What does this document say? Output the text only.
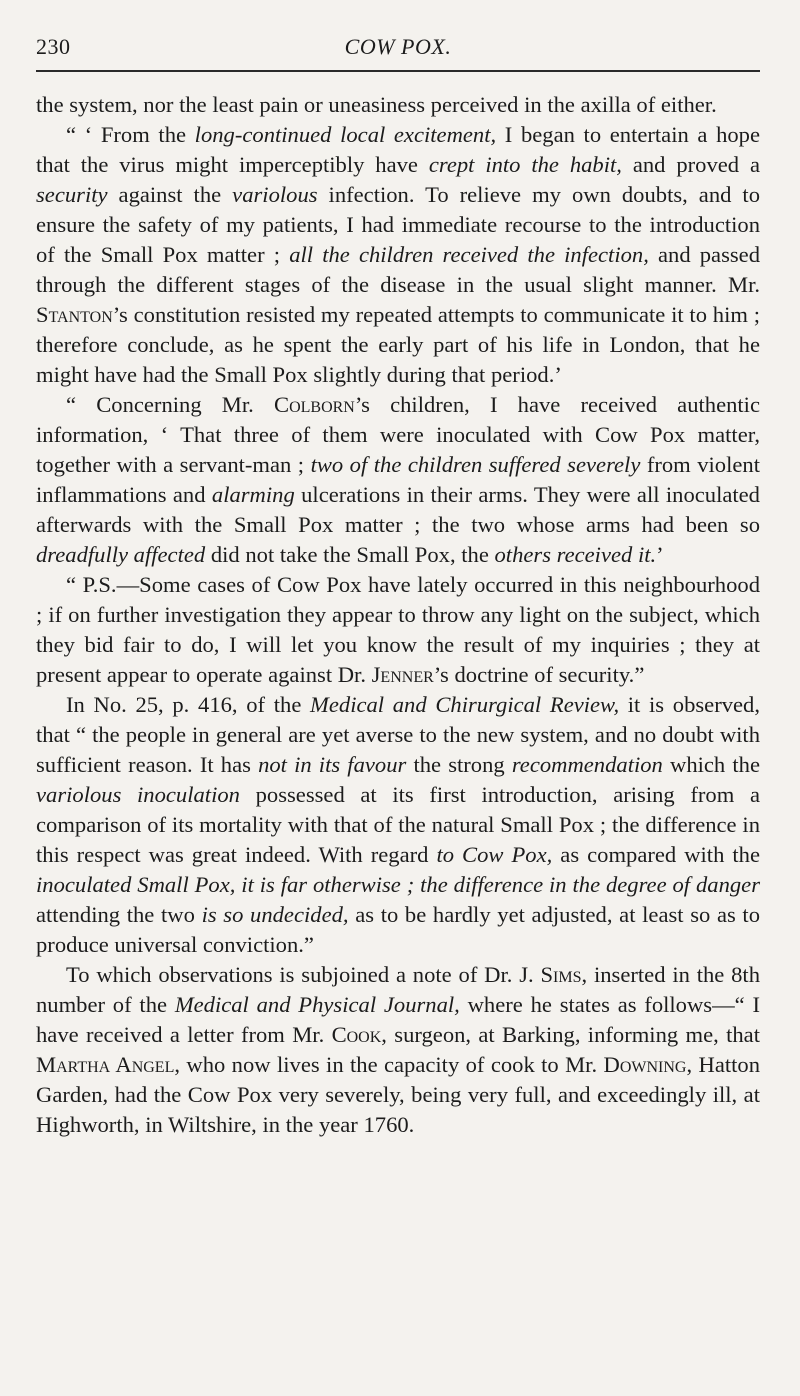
230	COW POX.

the system, nor the least pain or uneasiness perceived in the axilla of either.

“ ‘ From the long-continued local excitement, I began to entertain a hope that the virus might imperceptibly have crept into the habit, and proved a security against the variolous infection. To relieve my own doubts, and to ensure the safety of my patients, I had immediate recourse to the introduction of the Small Pox matter ; all the children received the infection, and passed through the different stages of the disease in the usual slight manner. Mr. Stanton’s constitution resisted my repeated attempts to communicate it to him ; therefore conclude, as he spent the early part of his life in London, that he might have had the Small Pox slightly during that period.’

“ Concerning Mr. Colborn’s children, I have received authentic information, ‘ That three of them were inoculated with Cow Pox matter, together with a servant-man ; two of the children suffered severely from violent inflammations and alarming ulcerations in their arms. They were all inoculated afterwards with the Small Pox matter ; the two whose arms had been so dreadfully affected did not take the Small Pox, the others received it.’

“ P.S.—Some cases of Cow Pox have lately occurred in this neighbourhood ; if on further investigation they appear to throw any light on the subject, which they bid fair to do, I will let you know the result of my inquiries ; they at present appear to operate against Dr. Jenner’s doctrine of security.”

In No. 25, p. 416, of the Medical and Chirurgical Review, it is observed, that “ the people in general are yet averse to the new system, and no doubt with sufficient reason. It has not in its favour the strong recommendation which the variolous inoculation possessed at its first introduction, arising from a comparison of its mortality with that of the natural Small Pox ; the difference in this respect was great indeed. With regard to Cow Pox, as compared with the inoculated Small Pox, it is far otherwise ; the difference in the degree of danger attending the two is so undecided, as to be hardly yet adjusted, at least so as to produce universal conviction.”

To which observations is subjoined a note of Dr. J. Sims, inserted in the 8th number of the Medical and Physical Journal, where he states as follows—“ I have received a letter from Mr. Cook, surgeon, at Barking, informing me, that Martha Angel, who now lives in the capacity of cook to Mr. Downing, Hatton Garden, had the Cow Pox very severely, being very full, and exceedingly ill, at Highworth, in Wiltshire, in the year 1760.
